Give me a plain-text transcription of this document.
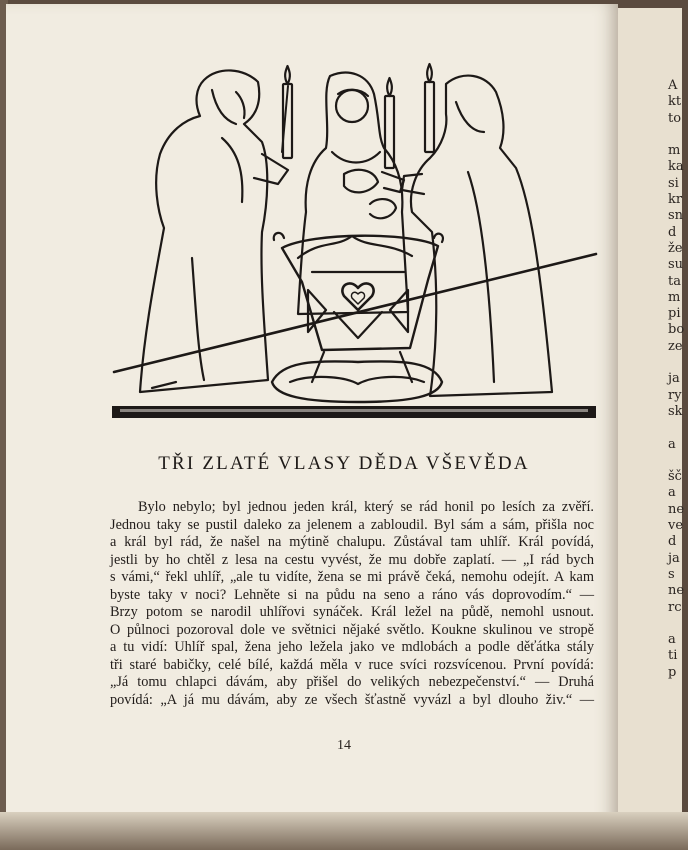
A
kt
to
m
ka
si
kr
sn
d
že
su
ta
m
pi
bo
ze
ja
ry
sk
a
šč
a
ne
ve
d
ja
s
ne
rc
a
ti
p
TŘI ZLATÉ VLASY DĚDA VŠEVĚDA
Bylo nebylo; byl jednou jeden král, který se rád honil po lesích za zvěří.
Jednou taky se pustil daleko za jelenem a zabloudil. Byl sám a sám, přišla noc
a král byl rád, že našel na mýtině chalupu. Zůstával tam uhlíř. Král povídá,
jestli by ho chtěl z lesa na cestu vyvést, že mu dobře zaplatí. — „I rád bych
s vámi,“ řekl uhlíř, „ale tu vidíte, žena se mi právě čeká, nemohu odejít. A kam
byste taky v noci? Lehněte si na půdu na seno a ráno vás doprovodím.“ —
Brzy potom se narodil uhlířovi synáček. Král ležel na půdě, nemohl usnout.
O půlnoci pozoroval dole ve světnici nějaké světlo. Koukne skulinou ve stropě
a tu vidí: Uhlíř spal, žena jeho ležela jako ve mdlobách a podle děťátka stály
tři staré babičky, celé bílé, každá měla v ruce svíci rozsvícenou. První povídá:
„Já tomu chlapci dávám, aby přišel do velikých nebezpečenství.“ — Druhá
povídá: „A já mu dávám, aby ze všech šťastně vyvázl a byl dlouho živ.“ —
14
